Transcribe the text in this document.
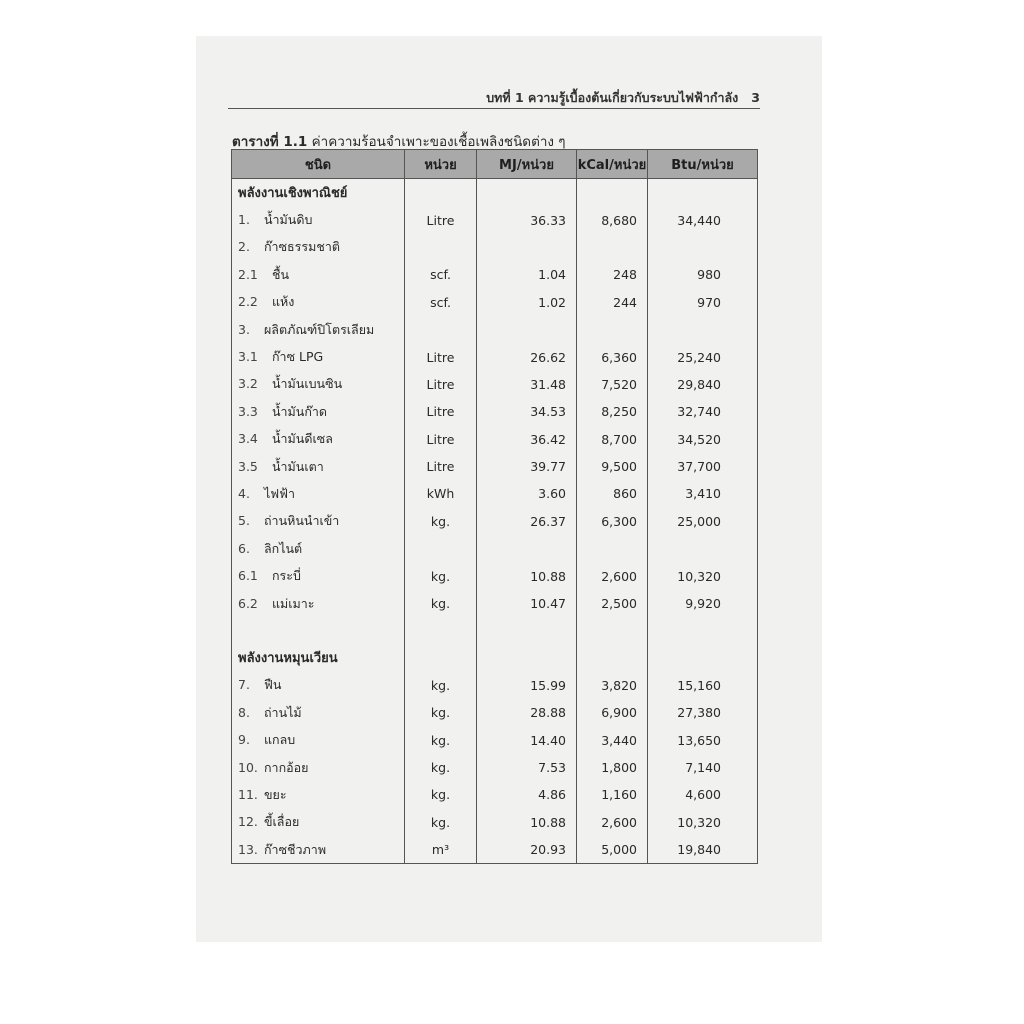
บทที่ 1 ความรู้เบื้องต้นเกี่ยวกับระบบไฟฟ้ากำลัง 3
ตารางที่ 1.1 ค่าความร้อนจำเพาะของเชื้อเพลิงชนิดต่าง ๆ
ชนิด	หน่วย	MJ/หน่วย	kCal/หน่วย	Btu/หน่วย
พลังงานเชิงพาณิชย์				
1. น้ำมันดิบ	Litre	36.33	8,680	34,440
2. ก๊าซธรรมชาติ				
2.1 ชื้น	scf.	1.04	248	980
2.2 แห้ง	scf.	1.02	244	970
3. ผลิตภัณฑ์ปิโตรเลียม				
3.1 ก๊าซ LPG	Litre	26.62	6,360	25,240
3.2 น้ำมันเบนซิน	Litre	31.48	7,520	29,840
3.3 น้ำมันก๊าด	Litre	34.53	8,250	32,740
3.4 น้ำมันดีเซล	Litre	36.42	8,700	34,520
3.5 น้ำมันเตา	Litre	39.77	9,500	37,700
4. ไฟฟ้า	kWh	3.60	860	3,410
5. ถ่านหินนำเข้า	kg.	26.37	6,300	25,000
6. ลิกไนต์				
6.1 กระบี่	kg.	10.88	2,600	10,320
6.2 แม่เมาะ	kg.	10.47	2,500	9,920

พลังงานหมุนเวียน				
7. ฟืน	kg.	15.99	3,820	15,160
8. ถ่านไม้	kg.	28.88	6,900	27,380
9. แกลบ	kg.	14.40	3,440	13,650
10. กากอ้อย	kg.	7.53	1,800	7,140
11. ขยะ	kg.	4.86	1,160	4,600
12. ขี้เลื่อย	kg.	10.88	2,600	10,320
13. ก๊าซชีวภาพ	m³	20.93	5,000	19,840
